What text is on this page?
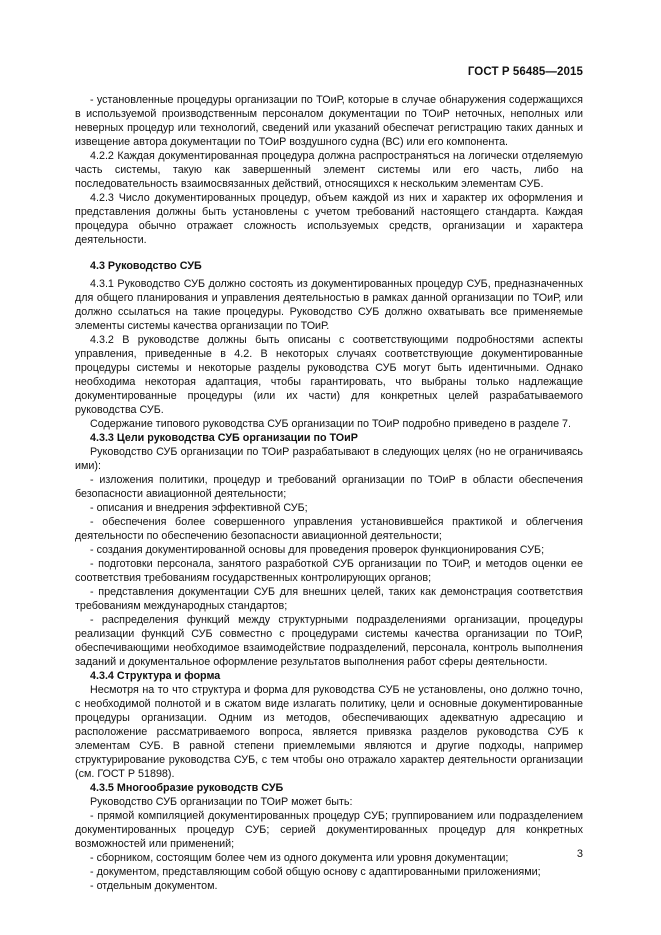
ГОСТ Р 56485—2015

- установленные процедуры организации по ТОиР, которые в случае обнаружения содержащихся в используемой производственным персоналом документации по ТОиР неточных, неполных или неверных процедур или технологий, сведений или указаний обеспечат регистрацию таких данных и извещение автора документации по ТОиР воздушного судна (ВС) или его компонента.

4.2.2 Каждая документированная процедура должна распространяться на логически отделяемую часть системы, такую как завершенный элемент системы или его часть, либо на последовательность взаимосвязанных действий, относящихся к нескольким элементам СУБ.

4.2.3 Число документированных процедур, объем каждой из них и характер их оформления и представления должны быть установлены с учетом требований настоящего стандарта. Каждая процедура обычно отражает сложность используемых средств, организации и характера деятельности.

4.3 Руководство СУБ

4.3.1 Руководство СУБ должно состоять из документированных процедур СУБ, предназначенных для общего планирования и управления деятельностью в рамках данной организации по ТОиР, или должно ссылаться на такие процедуры. Руководство СУБ должно охватывать все применяемые элементы системы качества организации по ТОиР.

4.3.2 В руководстве должны быть описаны с соответствующими подробностями аспекты управления, приведенные в 4.2. В некоторых случаях соответствующие документированные процедуры системы и некоторые разделы руководства СУБ могут быть идентичными. Однако необходима некоторая адаптация, чтобы гарантировать, что выбраны только надлежащие документированные процедуры (или их части) для конкретных целей разрабатываемого руководства СУБ.

Содержание типового руководства СУБ организации по ТОиР подробно приведено в разделе 7.

4.3.3 Цели руководства СУБ организации по ТОиР

Руководство СУБ организации по ТОиР разрабатывают в следующих целях (но не ограничиваясь ими):

- изложения политики, процедур и требований организации по ТОиР в области обеспечения безопасности авиационной деятельности;

- описания и внедрения эффективной СУБ;

- обеспечения более совершенного управления установившейся практикой и облегчения деятельности по обеспечению безопасности авиационной деятельности;

- создания документированной основы для проведения проверок функционирования СУБ;

- подготовки персонала, занятого разработкой СУБ организации по ТОиР, и методов оценки ее соответствия требованиям государственных контролирующих органов;

- представления документации СУБ для внешних целей, таких как демонстрация соответствия требованиям международных стандартов;

- распределения функций между структурными подразделениями организации, процедуры реализации функций СУБ совместно с процедурами системы качества организации по ТОиР, обеспечивающими необходимое взаимодействие подразделений, персонала, контроль выполнения заданий и документальное оформление результатов выполнения работ сферы деятельности.

4.3.4 Структура и форма

Несмотря на то что структура и форма для руководства СУБ не установлены, оно должно точно, с необходимой полнотой и в сжатом виде излагать политику, цели и основные документированные процедуры организации. Одним из методов, обеспечивающих адекватную адресацию и расположение рассматриваемого вопроса, является привязка разделов руководства СУБ к элементам СУБ. В равной степени приемлемыми являются и другие подходы, например структурирование руководства СУБ, с тем чтобы оно отражало характер деятельности организации (см. ГОСТ Р 51898).

4.3.5 Многообразие руководств СУБ

Руководство СУБ организации по ТОиР может быть:

- прямой компиляцией документированных процедур СУБ; группированием или подразделением документированных процедур СУБ; серией документированных процедур для конкретных возможностей или применений;

- сборником, состоящим более чем из одного документа или уровня документации;

- документом, представляющим собой общую основу с адаптированными приложениями;

- отдельным документом.

3
